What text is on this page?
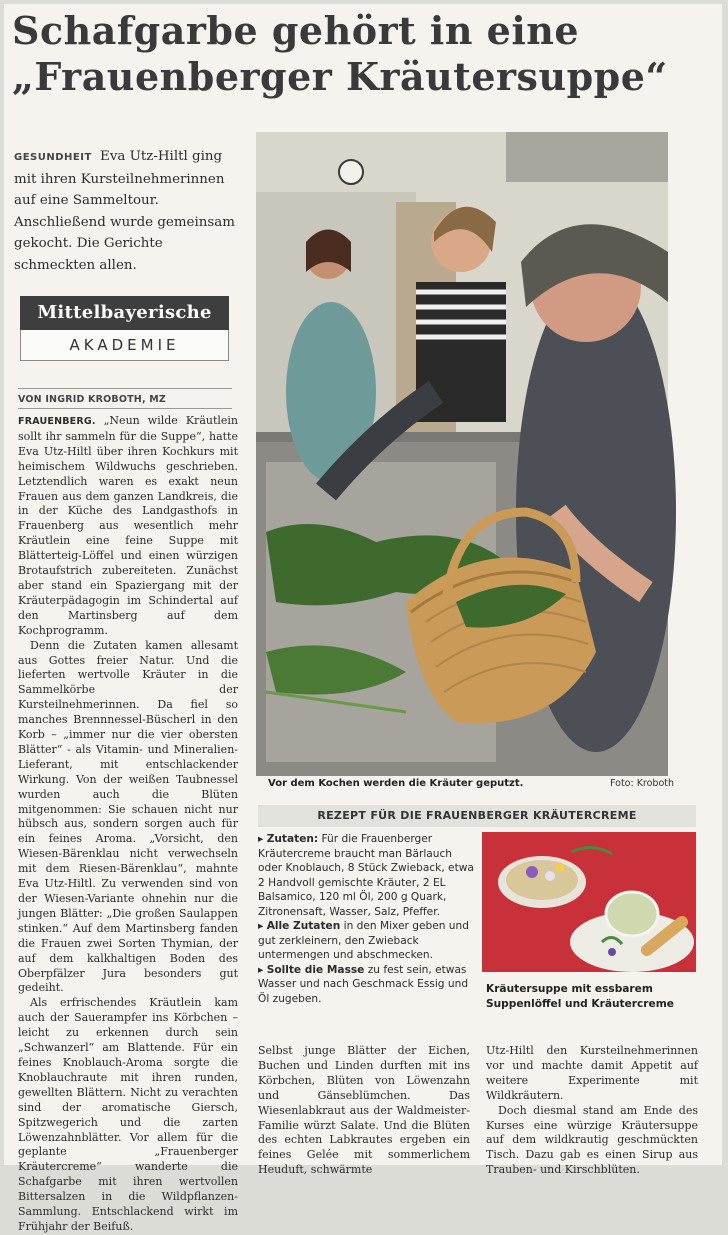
Schafgarbe gehört in eine
„Frauenberger Kräutersuppe“
GESUNDHEIT Eva Utz-Hiltl ging mit ihren Kursteilnehmerinnen auf eine Sammeltour. Anschließend wurde gemeinsam gekocht. Die Gerichte schmeckten allen.
Mittelbayerische
AKADEMIE
VON INGRID KROBOTH, MZ

FRAUENBERG. „Neun wilde Kräutlein sollt ihr sammeln für die Suppe“, hatte Eva Utz-Hiltl über ihren Kochkurs mit heimischem Wildwuchs geschrieben. Letztendlich waren es exakt neun Frauen aus dem ganzen Landkreis, die in der Küche des Landgasthofs in Frauenberg aus wesentlich mehr Kräutlein eine feine Suppe mit Blätterteig-Löffel und einen würzigen Brotaufstrich zubereiteten. Zunächst aber stand ein Spaziergang mit der Kräuterpädagogin im Schindertal auf den Martinsberg auf dem Kochprogramm.

Denn die Zutaten kamen allesamt aus Gottes freier Natur. Und die lieferten wertvolle Kräuter in die Sammelkörbe der Kursteilnehmerinnen. Da fiel so manches Brennnessel-Büscherl in den Korb – „immer nur die vier obersten Blätter“ - als Vitamin- und Mineralien-Lieferant, mit entschlackender Wirkung. Von der weißen Taubnessel wurden auch die Blüten mitgenommen: Sie schauen nicht nur hübsch aus, sondern sorgen auch für ein feines Aroma. „Vorsicht, den Wiesen-Bärenklau nicht verwechseln mit dem Riesen-Bärenklau“, mahnte Eva Utz-Hiltl. Zu verwenden sind von der Wiesen-Variante ohnehin nur die jungen Blätter: „Die großen Saulappen stinken.“ Auf dem Martinsberg fanden die Frauen zwei Sorten Thymian, der auf dem kalkhaltigen Boden des Oberpfälzer Jura besonders gut gedeiht.

Als erfrischendes Kräutlein kam auch der Sauerampfer ins Körbchen – leicht zu erkennen durch sein „Schwanzerl“ am Blattende. Für ein feines Knoblauch-Aroma sorgte die Knoblauchraute mit ihren runden, gewellten Blättern. Nicht zu verachten sind der aromatische Giersch, Spitzwegerich und die zarten Löwenzahnblätter. Vor allem für die geplante „Frauenberger Kräutercreme“ wanderte die Schafgarbe mit ihren wertvollen Bittersalzen in die Wildpflanzen-Sammlung. Entschlackend wirkt im Frühjahr der Beifuß.

Vor dem Kochen werden die Kräuter geputzt.	Foto: Kroboth
REZEPT FÜR DIE FRAUENBERGER KRÄUTERCREME

▸ Zutaten: Für die Frauenberger Kräutercreme braucht man Bärlauch oder Knoblauch, 8 Stück Zwieback, etwa 2 Handvoll gemischte Kräuter, 2 EL Balsamico, 120 ml Öl, 200 g Quark, Zitronensaft, Wasser, Salz, Pfeffer.

▸ Alle Zutaten in den Mixer geben und gut zerkleinern, den Zwieback untermengen und abschmecken.

▸ Sollte die Masse zu fest sein, etwas Wasser und nach Geschmack Essig und Öl zugeben.

Kräutersuppe mit essbarem Suppenlöffel und Kräutercreme

Selbst junge Blätter der Eichen, Buchen und Linden durften mit ins Körbchen, Blüten von Löwenzahn und Gänseblümchen. Das Wiesenlabkraut aus der Waldmeister-Familie würzt Salate. Und die Blüten des echten Labkrautes ergeben ein feines Gelée mit sommerlichem Heuduft, schwärmte

Utz-Hiltl den Kursteilnehmerinnen vor und machte damit Appetit auf weitere Experimente mit Wildkräutern.

Doch diesmal stand am Ende des Kurses eine würzige Kräutersuppe auf dem wildkrautig geschmückten Tisch. Dazu gab es einen Sirup aus Trauben- und Kirschblüten.
